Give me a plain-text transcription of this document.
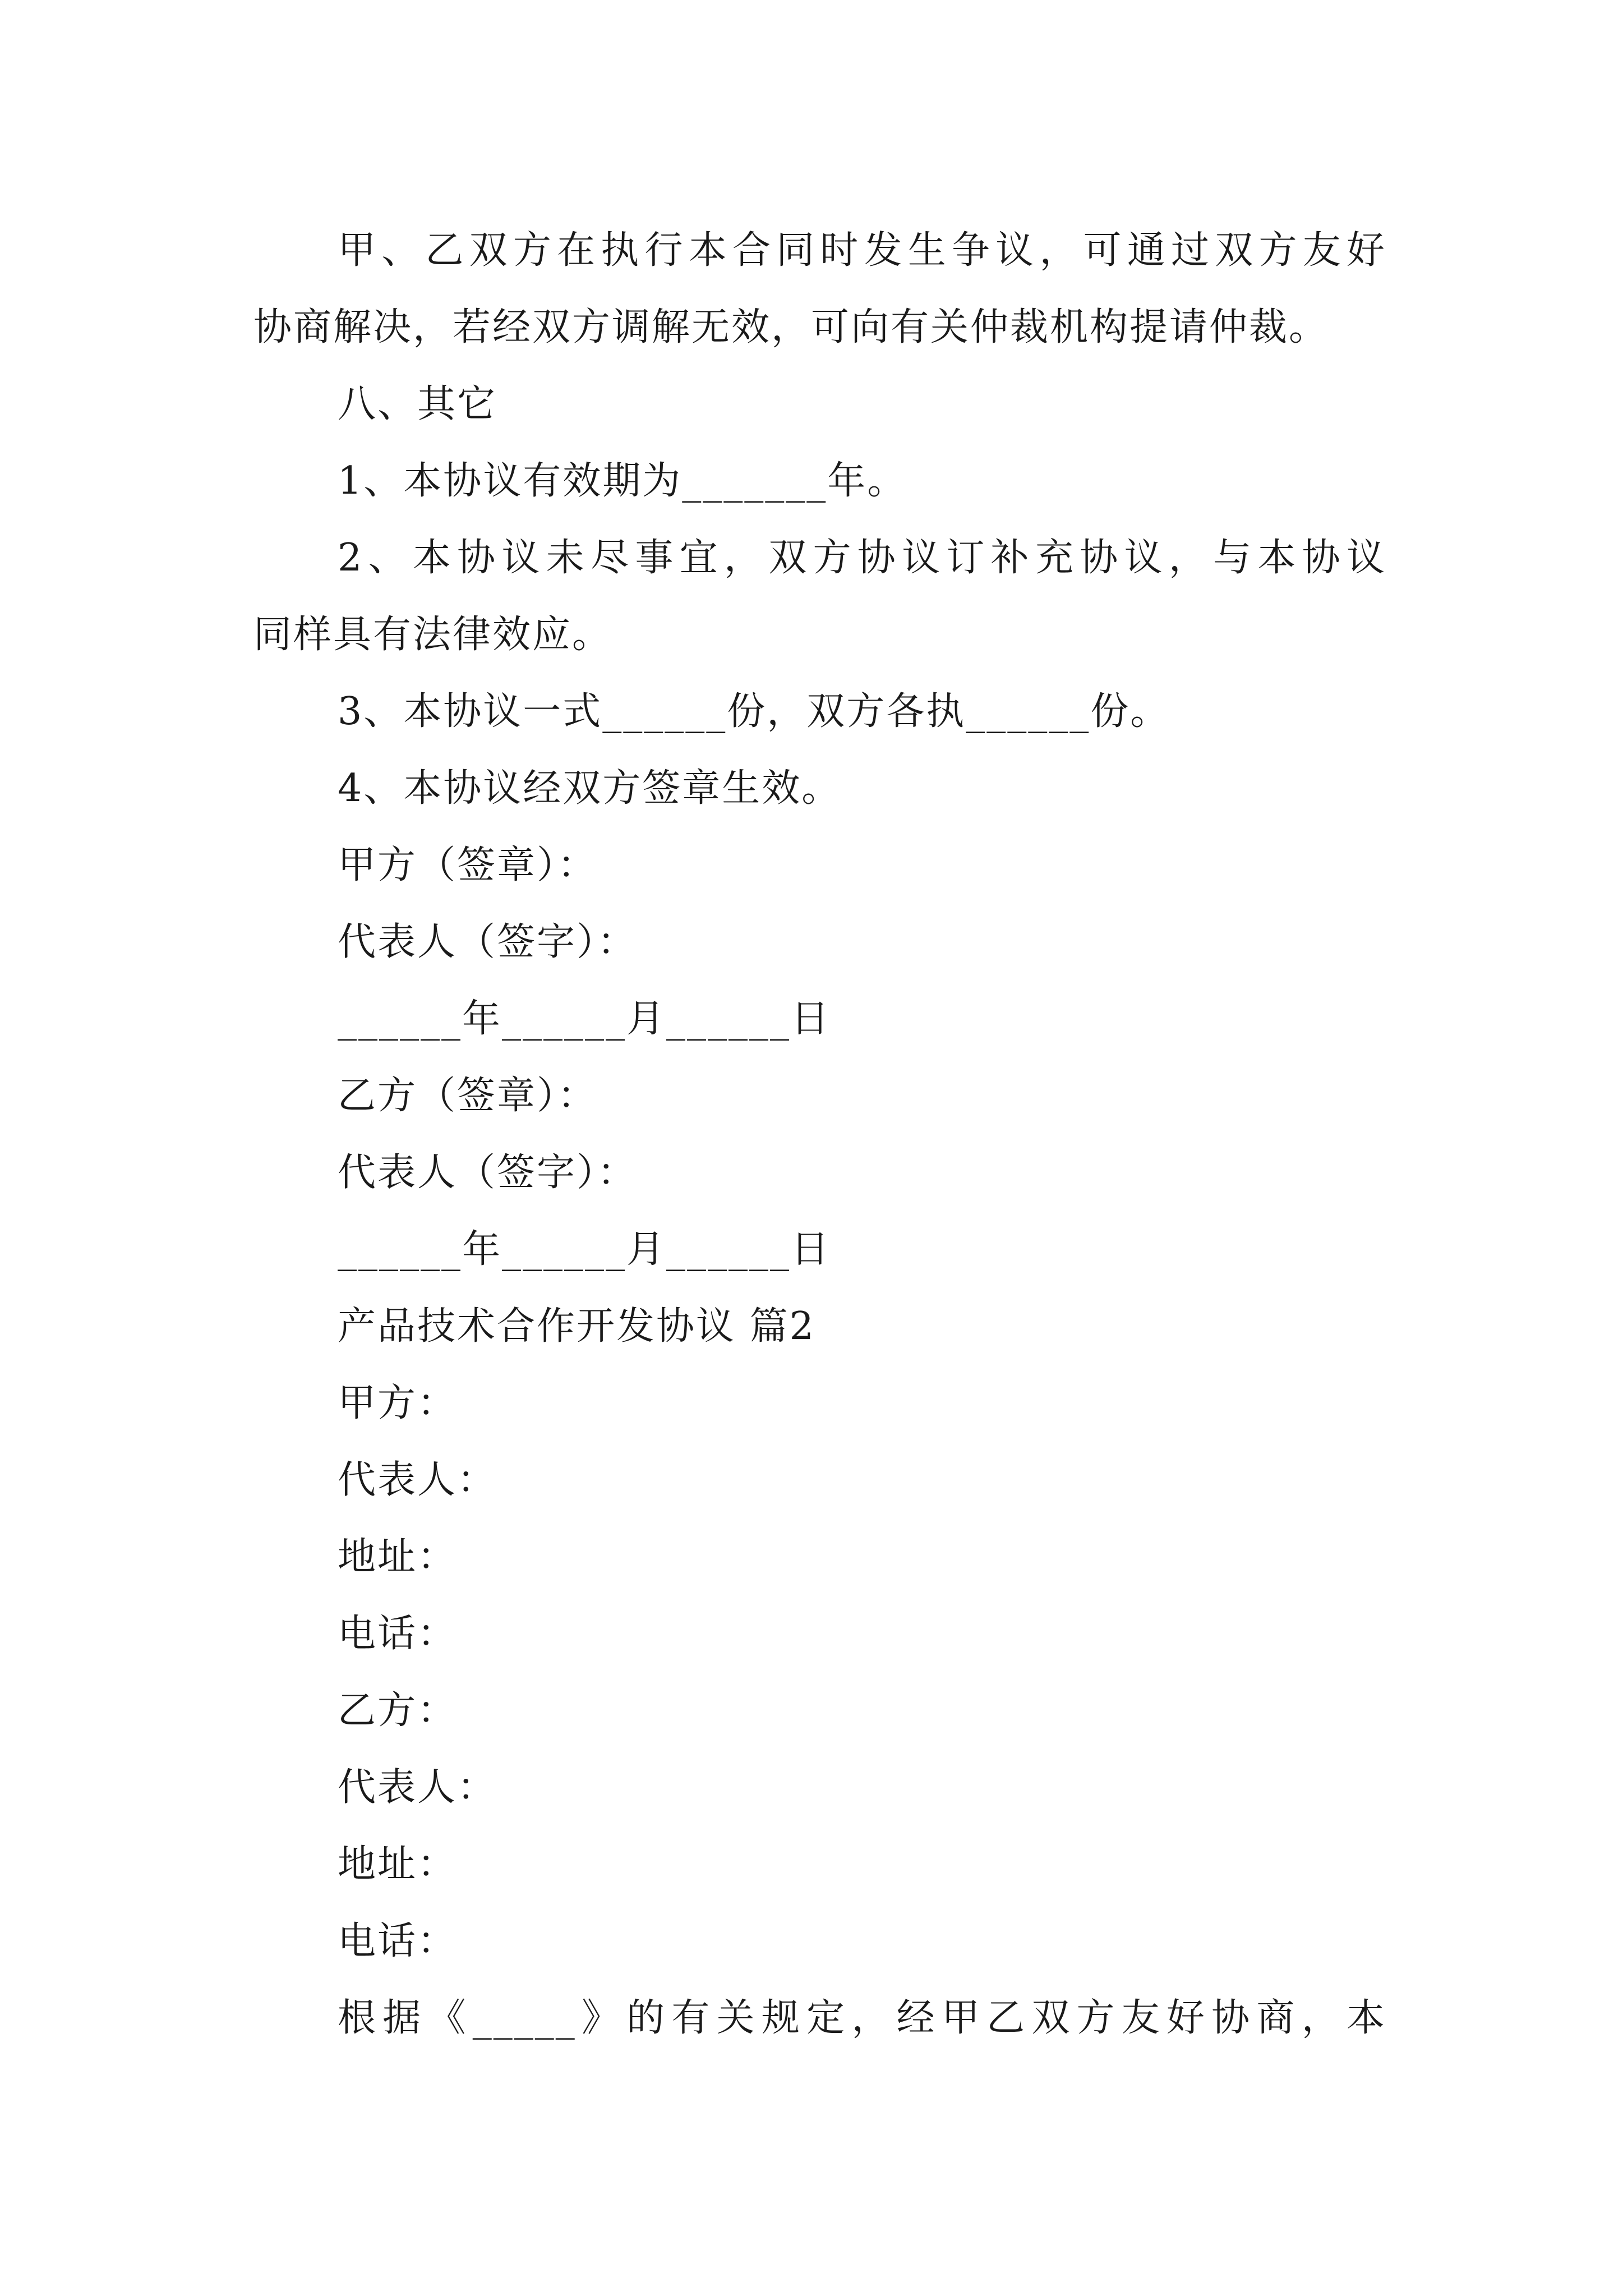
甲、乙双方在执行本合同时发生争议，可通过双方友好
协商解决，若经双方调解无效，可向有关仲裁机构提请仲裁。
八、其它
1、本协议有效期为_______年。
2、本协议未尽事宜，双方协议订补充协议，与本协议
同样具有法律效应。
3、本协议一式______份，双方各执______份。
4、本协议经双方签章生效。
甲方（签章）：
代表人（签字）：
______年______月______日
乙方（签章）：
代表人（签字）：
______年______月______日
产品技术合作开发协议 篇2
甲方：
代表人：
地址：
电话：
乙方：
代表人：
地址：
电话：
根据《_____》的有关规定，经甲乙双方友好协商，本
